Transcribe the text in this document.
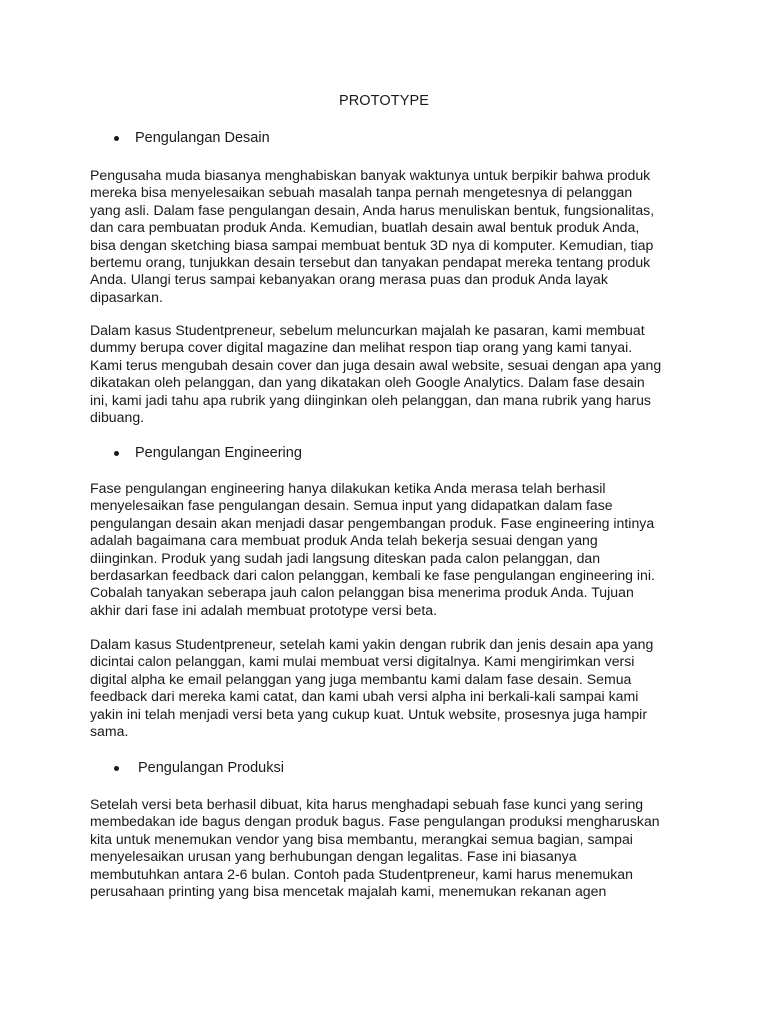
PROTOTYPE
Pengulangan Desain

Pengusaha muda biasanya menghabiskan banyak waktunya untuk berpikir bahwa produk
mereka bisa menyelesaikan sebuah masalah tanpa pernah mengetesnya di pelanggan
yang asli. Dalam fase pengulangan desain, Anda harus menuliskan bentuk, fungsionalitas,
dan cara pembuatan produk Anda. Kemudian, buatlah desain awal bentuk produk Anda,
bisa dengan sketching biasa sampai membuat bentuk 3D nya di komputer. Kemudian, tiap
bertemu orang, tunjukkan desain tersebut dan tanyakan pendapat mereka tentang produk
Anda. Ulangi terus sampai kebanyakan orang merasa puas dan produk Anda layak
dipasarkan.

Dalam kasus Studentpreneur, sebelum meluncurkan majalah ke pasaran, kami membuat
dummy berupa cover digital magazine dan melihat respon tiap orang yang kami tanyai.
Kami terus mengubah desain cover dan juga desain awal website, sesuai dengan apa yang
dikatakan oleh pelanggan, dan yang dikatakan oleh Google Analytics. Dalam fase desain
ini, kami jadi tahu apa rubrik yang diinginkan oleh pelanggan, dan mana rubrik yang harus
dibuang.

Pengulangan Engineering

Fase pengulangan engineering hanya dilakukan ketika Anda merasa telah berhasil
menyelesaikan fase pengulangan desain. Semua input yang didapatkan dalam fase
pengulangan desain akan menjadi dasar pengembangan produk. Fase engineering intinya
adalah bagaimana cara membuat produk Anda telah bekerja sesuai dengan yang
diinginkan. Produk yang sudah jadi langsung diteskan pada calon pelanggan, dan
berdasarkan feedback dari calon pelanggan, kembali ke fase pengulangan engineering ini.
Cobalah tanyakan seberapa jauh calon pelanggan bisa menerima produk Anda. Tujuan
akhir dari fase ini adalah membuat prototype versi beta.

Dalam kasus Studentpreneur, setelah kami yakin dengan rubrik dan jenis desain apa yang
dicintai calon pelanggan, kami mulai membuat versi digitalnya. Kami mengirimkan versi
digital alpha ke email pelanggan yang juga membantu kami dalam fase desain. Semua
feedback dari mereka kami catat, dan kami ubah versi alpha ini berkali-kali sampai kami
yakin ini telah menjadi versi beta yang cukup kuat. Untuk website, prosesnya juga hampir
sama.

Pengulangan Produksi

Setelah versi beta berhasil dibuat, kita harus menghadapi sebuah fase kunci yang sering
membedakan ide bagus dengan produk bagus. Fase pengulangan produksi mengharuskan
kita untuk menemukan vendor yang bisa membantu, merangkai semua bagian, sampai
menyelesaikan urusan yang berhubungan dengan legalitas. Fase ini biasanya
membutuhkan antara 2-6 bulan. Contoh pada Studentpreneur, kami harus menemukan
perusahaan printing yang bisa mencetak majalah kami, menemukan rekanan agen
